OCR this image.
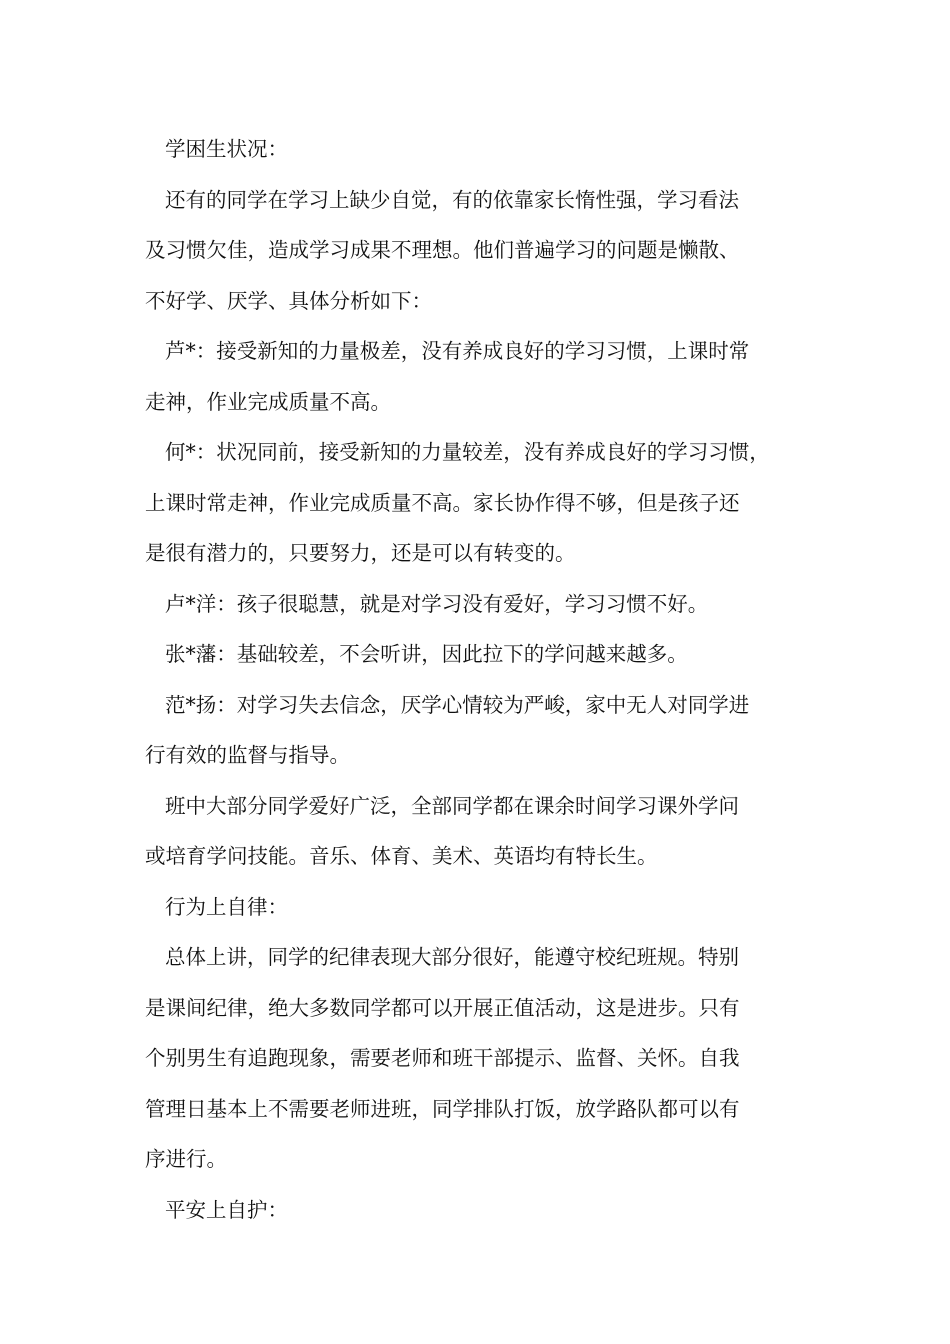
学困生状况：
还有的同学在学习上缺少自觉，有的依靠家长惰性强，学习看法
及习惯欠佳，造成学习成果不理想。他们普遍学习的问题是懒散、
不好学、厌学、具体分析如下：
芦*：接受新知的力量极差，没有养成良好的学习习惯，上课时常
走神，作业完成质量不高。
何*：状况同前，接受新知的力量较差，没有养成良好的学习习惯，
上课时常走神，作业完成质量不高。家长协作得不够，但是孩子还
是很有潜力的，只要努力，还是可以有转变的。
卢*洋：孩子很聪慧，就是对学习没有爱好，学习习惯不好。
张*藩：基础较差，不会听讲，因此拉下的学问越来越多。
范*扬：对学习失去信念，厌学心情较为严峻，家中无人对同学进
行有效的监督与指导。
班中大部分同学爱好广泛，全部同学都在课余时间学习课外学问
或培育学问技能。音乐、体育、美术、英语均有特长生。
行为上自律：
总体上讲，同学的纪律表现大部分很好，能遵守校纪班规。特别
是课间纪律，绝大多数同学都可以开展正值活动，这是进步。只有
个别男生有追跑现象，需要老师和班干部提示、监督、关怀。自我
管理日基本上不需要老师进班，同学排队打饭，放学路队都可以有
序进行。
平安上自护：
